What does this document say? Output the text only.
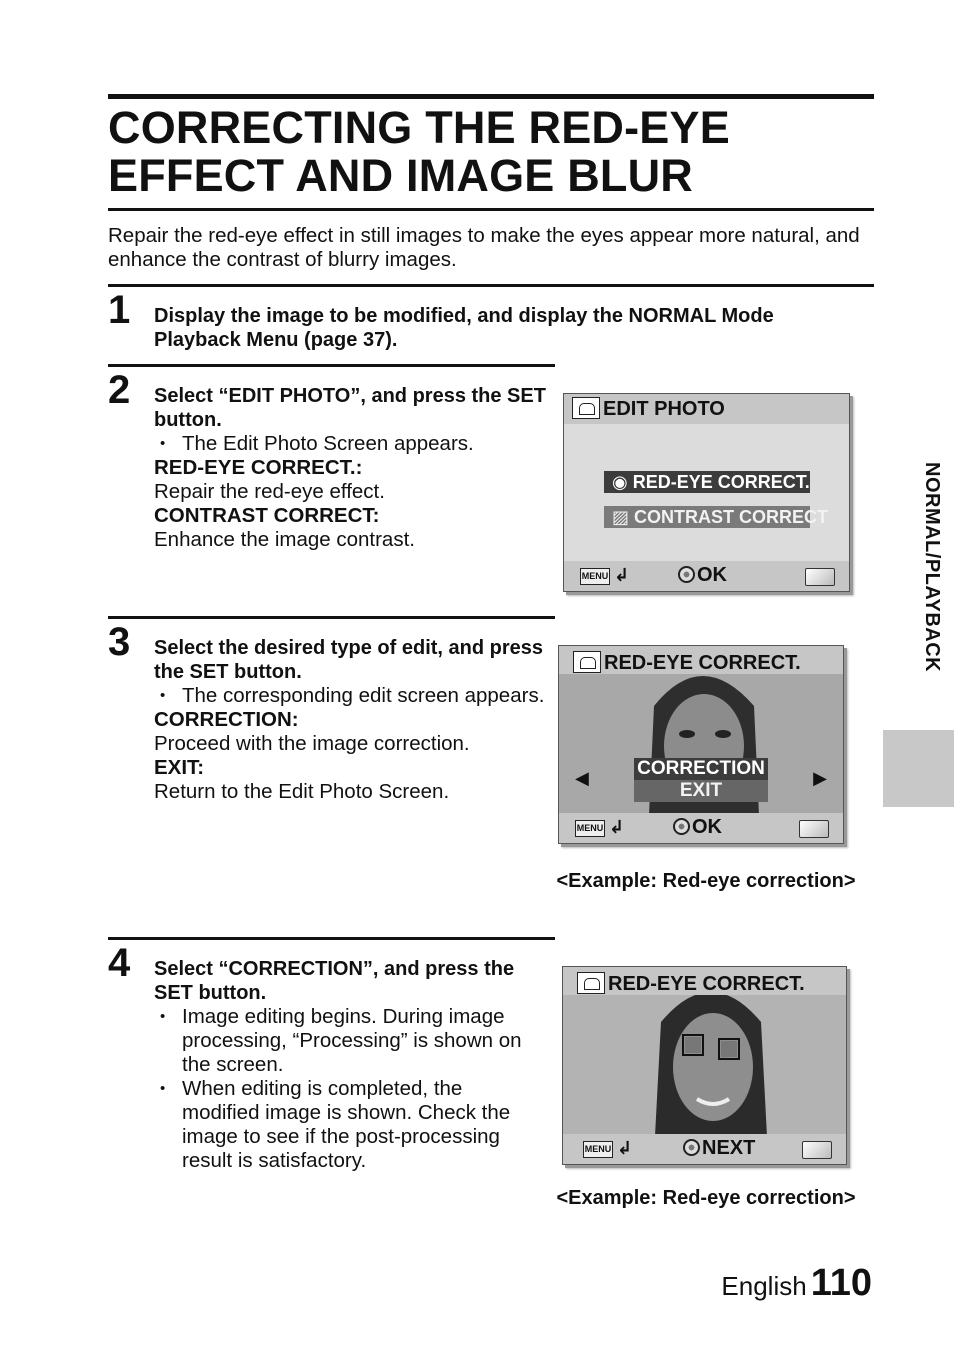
CORRECTING THE RED-EYE
EFFECT AND IMAGE BLUR
Repair the red-eye effect in still images to make the eyes appear more natural, and enhance the contrast of blurry images.
1 Display the image to be modified, and display the NORMAL Mode Playback Menu (page 37).
2 Select “EDIT PHOTO”, and press the SET button.
• The Edit Photo Screen appears.
RED-EYE CORRECT.:
Repair the red-eye effect.
CONTRAST CORRECT:
Enhance the image contrast.
EDIT PHOTO
◉ RED-EYE CORRECT.
▨ CONTRAST CORRECT
MENU ↲	OK
3 Select the desired type of edit, and press the SET button.
• The corresponding edit screen appears.
CORRECTION:
Proceed with the image correction.
EXIT:
Return to the Edit Photo Screen.
RED-EYE CORRECT.
◀	▶
CORRECTION
EXIT
MENU ↲	OK
<Example: Red-eye correction>
4 Select “CORRECTION”, and press the SET button.
• Image editing begins. During image processing, “Processing” is shown on the screen.
• When editing is completed, the modified image is shown. Check the image to see if the post-processing result is satisfactory.
RED-EYE CORRECT.
MENU ↲	NEXT
<Example: Red-eye correction>
NORMAL/PLAYBACK
English 110
